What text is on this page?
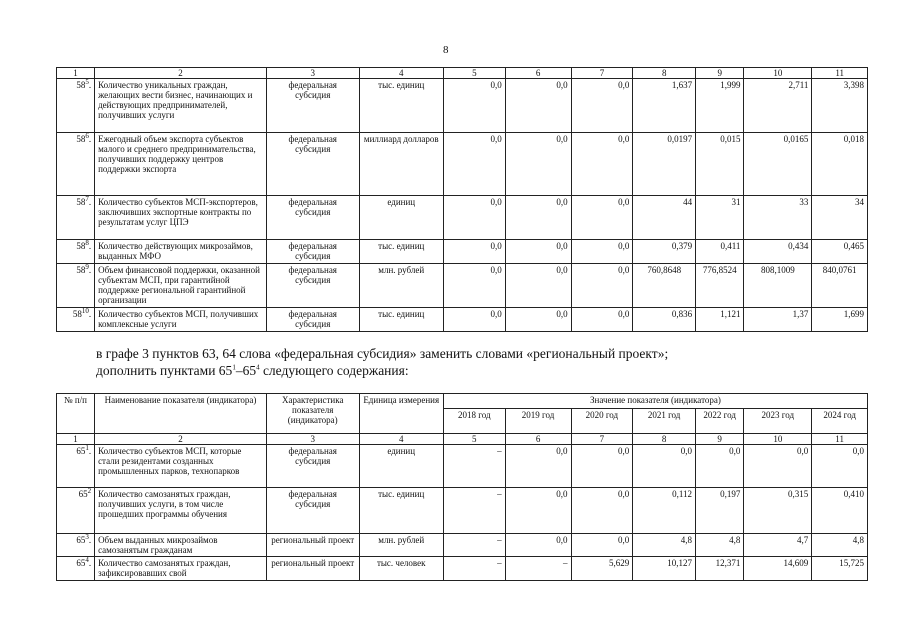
8
1	2	3	4	5	6	7	8	9	10	11
$58^5$.	Количество уникальных граждан, желающих вести бизнес, начинающих и действующих предпринимателей, получивших услуги	федеральная субсидия	тыс. единиц	0,0	0,0	0,0	1,637	1,999	2,711	3,398
$58^6$.	Ежегодный объем экспорта субъектов малого и среднего предпринимательства, получивших поддержку центров поддержки экспорта	федеральная субсидия	миллиард долларов	0,0	0,0	0,0	0,0197	0,015	0,0165	0,018
$58^7$.	Количество субъектов МСП-экспортеров, заключивших экспортные контракты по результатам услуг ЦПЭ	федеральная субсидия	единиц	0,0	0,0	0,0	44	31	33	34
$58^8$.	Количество действующих микрозаймов, выданных МФО	федеральная субсидия	тыс. единиц	0,0	0,0	0,0	0,379	0,411	0,434	0,465
$58^9$.	Объем финансовой поддержки, оказанной субъектам МСП, при гарантийной поддержке региональной гарантийной организации	федеральная субсидия	млн. рублей	0,0	0,0	0,0	760,8648	776,8524	808,1009	840,0761
$58^{10}$.	Количество субъектов МСП, получивших комплексные услуги	федеральная субсидия	тыс. единиц	0,0	0,0	0,0	0,836	1,121	1,37	1,699
в графе 3 пунктов 63, 64 слова «федеральная субсидия» заменить словами «региональный проект»;
дополнить пунктами $65^1-65^4$ следующего содержания:
№ п/п	Наименование показателя (индикатора)	Характеристика показателя (индикатора)	Единица измерения	Значение показателя (индикатора)						
				2018 год	2019 год	2020 год	2021 год	2022 год	2023 год	2024 год
1	2	3	4	5	6	7	8	9	10	11
$65^1$.	Количество субъектов МСП, которые стали резидентами созданных промышленных парков, технопарков	федеральная субсидия	единиц	–	0,0	0,0	0,0	0,0	0,0	0,0
$65^2$	Количество самозанятых граждан, получивших услуги, в том числе прошедших программы обучения	федеральная субсидия	тыс. единиц	–	0,0	0,0	0,112	0,197	0,315	0,410
$65^3$.	Объем выданных микрозаймов самозанятым гражданам	региональный проект	млн. рублей	–	0,0	0,0	4,8	4,8	4,7	4,8
$65^4$.	Количество самозанятых граждан, зафиксировавших свой	региональный проект	тыс. человек	–	–	5,629	10,127	12,371	14,609	15,725
